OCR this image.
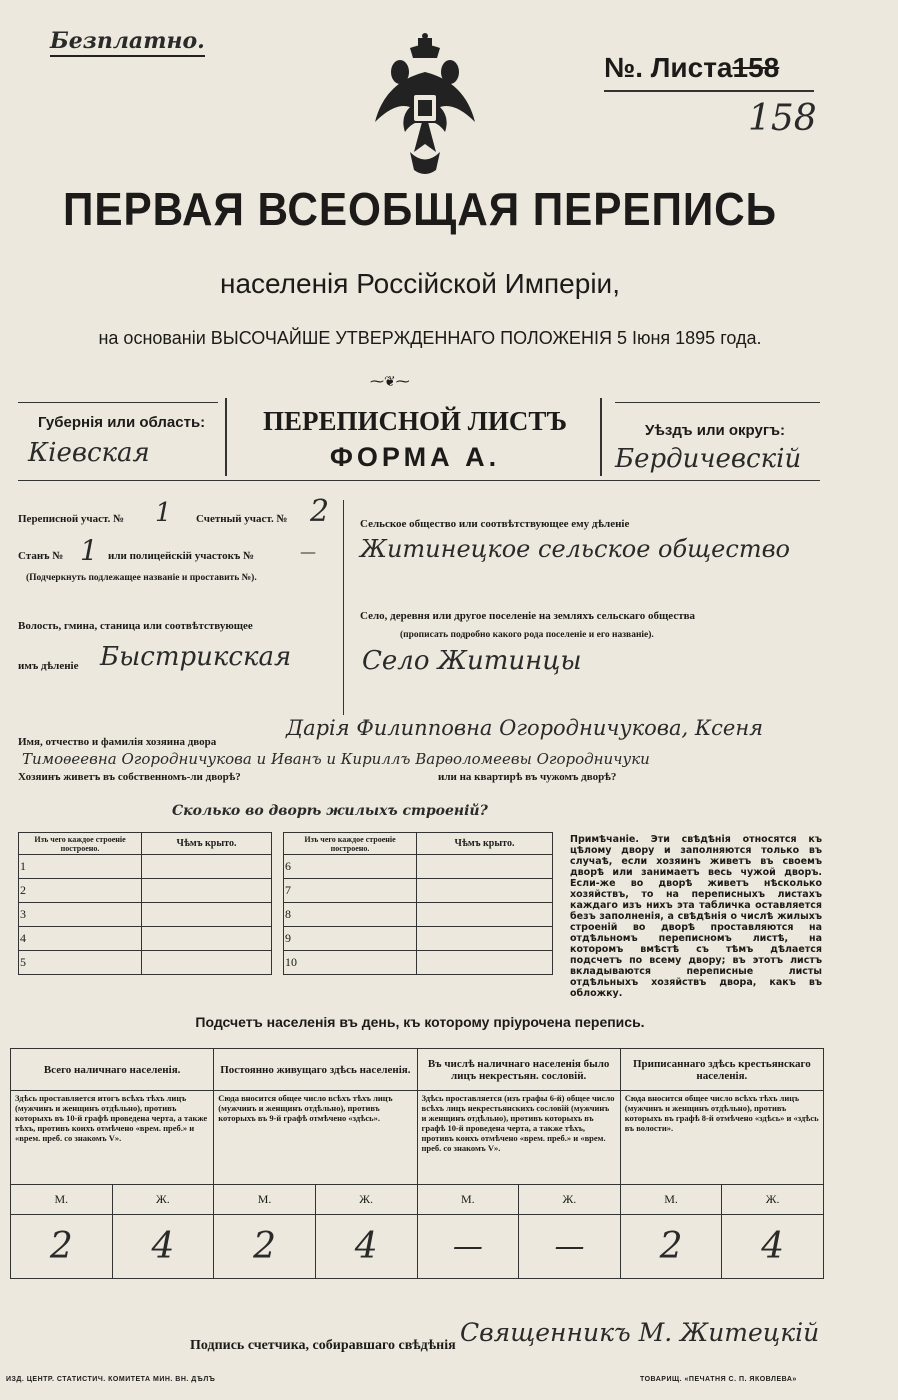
Безплатно.
№. Листа158
158
ПЕРВАЯ ВСЕОБЩАЯ ПЕРЕПИСЬ
населенія Россійской Имперіи,
на основаніи ВЫСОЧАЙШЕ УТВЕРЖДЕННАГО ПОЛОЖЕНІЯ 5 Іюня 1895 года.
⁓❦⁓
Губернія или область:
Кіевская
ПЕРЕПИСНОЙ ЛИСТЪ
ФОРМА А.
Уѣздъ или округъ:
Бердичевскій
Переписной участ. № 1 Счетный участ. № 2
Станъ № 1 или полицейскій участокъ №	—
(Подчеркнуть подлежащее названіе и проставить №).
Волость, гмина, станица или соотвѣтствующее
имъ дѣленіе Быстрикская
Сельское общество или соотвѣтствующее ему дѣленіе
Житинецкое сельское общество
Село, деревня или другое поселеніе на земляхъ сельскаго общества
(прописать подробно какого рода поселеніе и его названіе).
Село Житинцы
Имя, отчество и фамилія хозяина двора
Дарія Филипповна Огородничукова, Ксеня
Тимоѳеевна Огородничукова и Иванъ и Кириллъ Варѳоломеевы Огородничуки
Хозяинъ живетъ въ собственномъ-ли дворѣ?	или на квартирѣ въ чужомъ дворѣ?
Сколько во дворѣ жилыхъ строеній?
Изъ чего каждое строеніе построено.	Чѣмъ крыто.
1	
2	
3	
4	
5	
Изъ чего каждое строеніе построено.	Чѣмъ крыто.
6	
7	
8	
9	
10	
Примѣчаніе. Эти свѣдѣнія относятся къ цѣлому двору и заполняются только въ случаѣ, если хозяинъ живетъ въ своемъ дворѣ или занимаетъ весь чужой дворъ. Если-же во дворѣ живетъ нѣсколько хозяйствъ, то на переписныхъ листахъ каждаго изъ нихъ эта табличка оставляется безъ заполненія, а свѣдѣнія о числѣ жилыхъ строеній во дворѣ проставляются на отдѣльномъ переписномъ листѣ, на которомъ вмѣстѣ съ тѣмъ дѣлается подсчетъ по всему двору; въ этотъ листъ вкладываются переписные листы отдѣльныхъ хозяйствъ двора, какъ въ обложку.
Подсчетъ населенія въ день, къ которому пріурочена перепись.
Всего наличнаго населенія.		Постоянно живущаго здѣсь населенія.		Въ числѣ наличнаго населенія было лицъ некрестьян. сословій.		Приписаннаго здѣсь крестьянскаго населенія.	
Здѣсь проставляется итогъ всѣхъ тѣхъ лицъ (мужчинъ и женщинъ отдѣльно), противъ которыхъ въ 10-й графѣ проведена черта, а также тѣхъ, противъ коихъ отмѣчено «врем. преб.» и «врем. преб. со знакомъ V».		Сюда вносится общее число всѣхъ тѣхъ лицъ (мужчинъ и женщинъ отдѣльно), противъ которыхъ въ 9-й графѣ отмѣчено «здѣсь».		Здѣсь проставляется (изъ графы 6-й) общее число всѣхъ лицъ некрестьянскихъ сословій (мужчинъ и женщинъ отдѣльно), противъ которыхъ въ графѣ 10-й проведена черта, а также тѣхъ, противъ коихъ отмѣчено «врем. преб.» и «врем. преб. со знакомъ V».		Сюда вносится общее число всѣхъ тѣхъ лицъ (мужчинъ и женщинъ отдѣльно), противъ которыхъ въ графѣ 8-й отмѣчено «здѣсь» и «здѣсь въ волости».	
М.	Ж.	М.	Ж.	М.	Ж.	М.	Ж.
2	4	2	4	—	—	2	4
Подпись счетчика, собиравшаго свѣдѣнія Священникъ М. Житецкій
ИЗД. ЦЕНТР. СТАТИСТИЧ. КОМИТЕТА МИН. ВН. ДѢЛЪ	ТОВАРИЩ. «ПЕЧАТНЯ С. П. ЯКОВЛЕВА»
